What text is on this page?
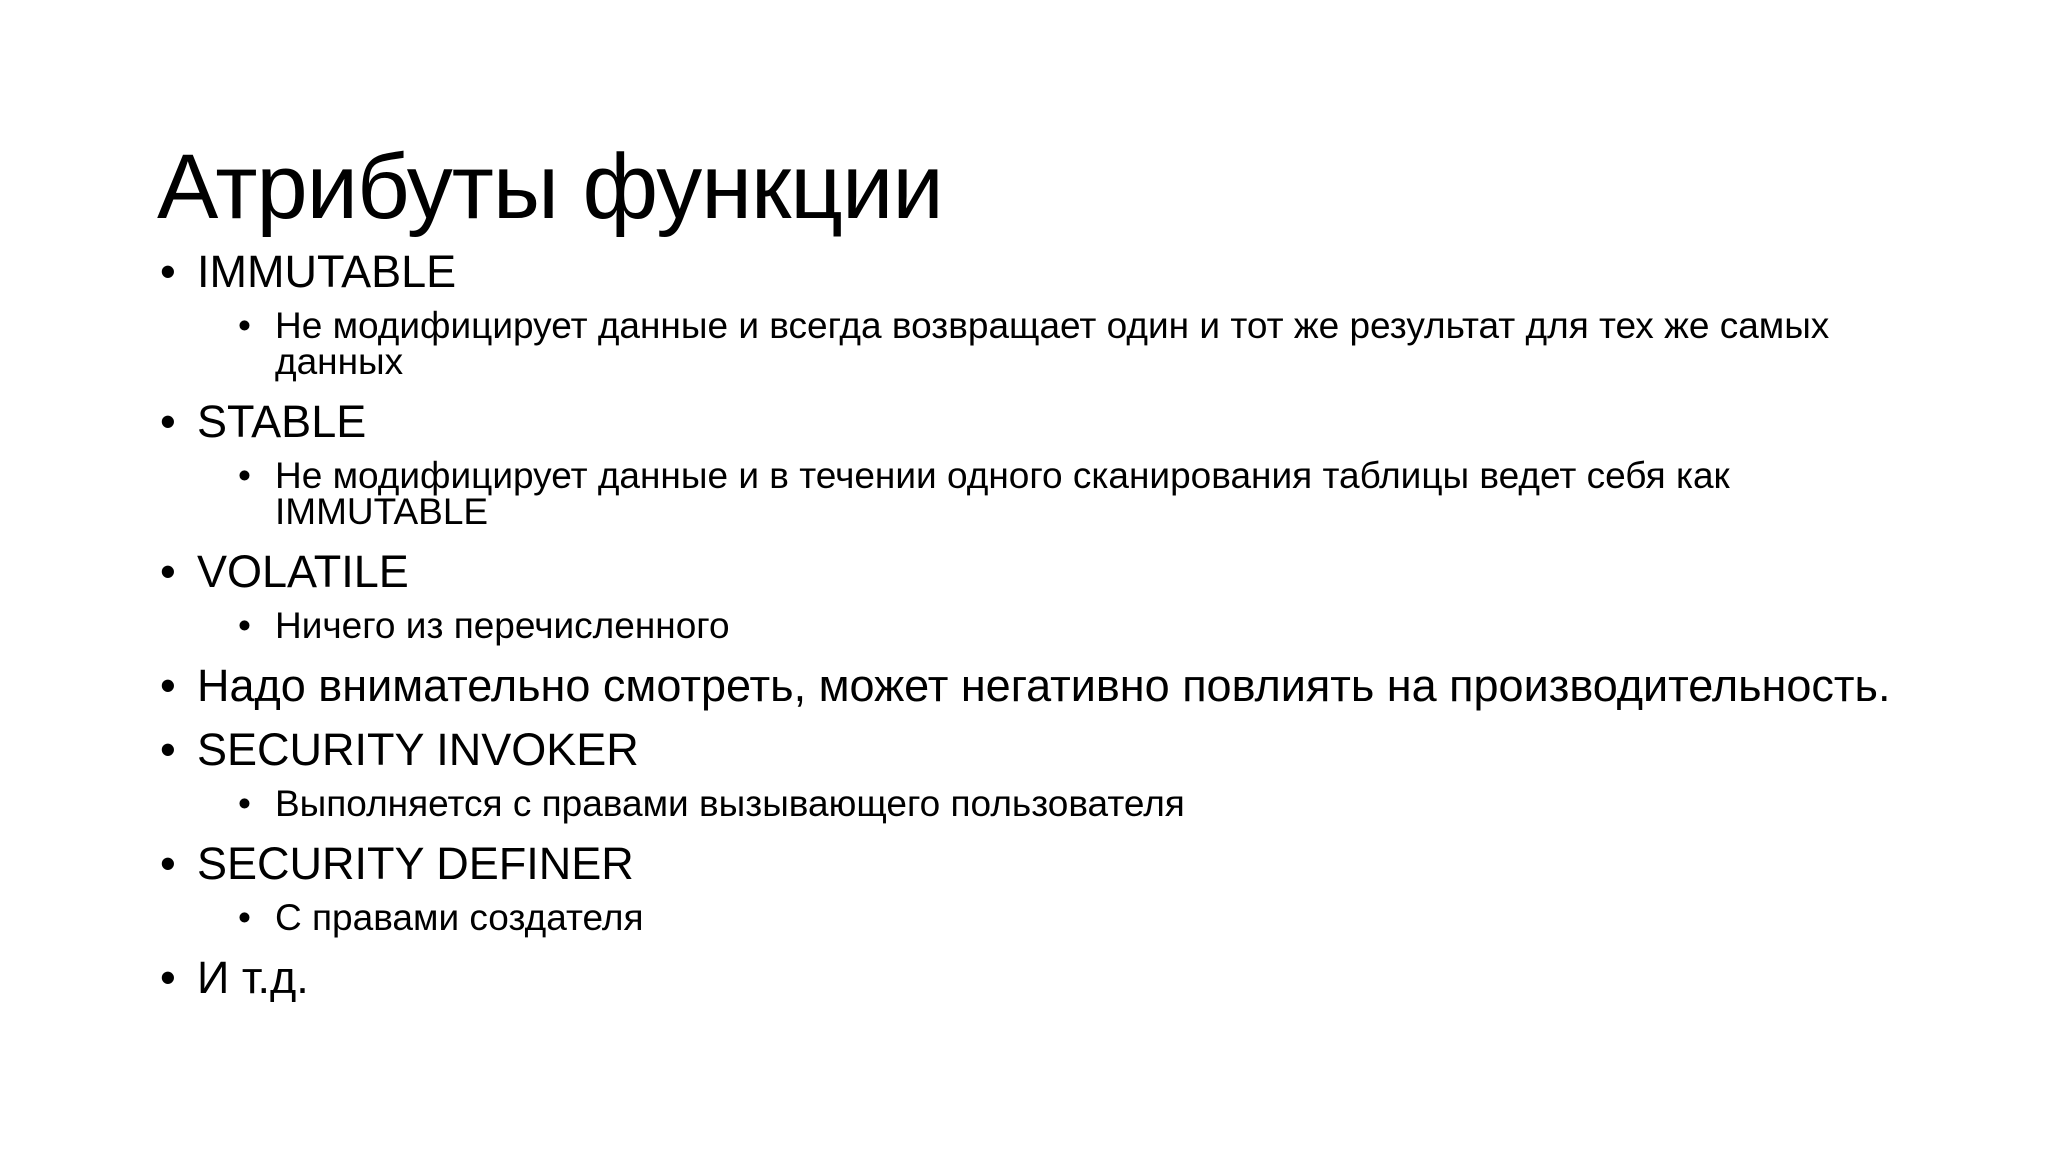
Атрибуты функции
• IMMUTABLE
• Не модифицирует данные и всегда возвращает один и тот же результат для тех же самых данных
• STABLE
• Не модифицирует данные и в течении одного сканирования таблицы ведет себя как IMMUTABLE
• VOLATILE
• Ничего из перечисленного
• Надо внимательно смотреть, может негативно повлиять на производительность.
• SECURITY INVOKER
• Выполняется с правами вызывающего пользователя
• SECURITY DEFINER
• С правами создателя
• И т.д.
